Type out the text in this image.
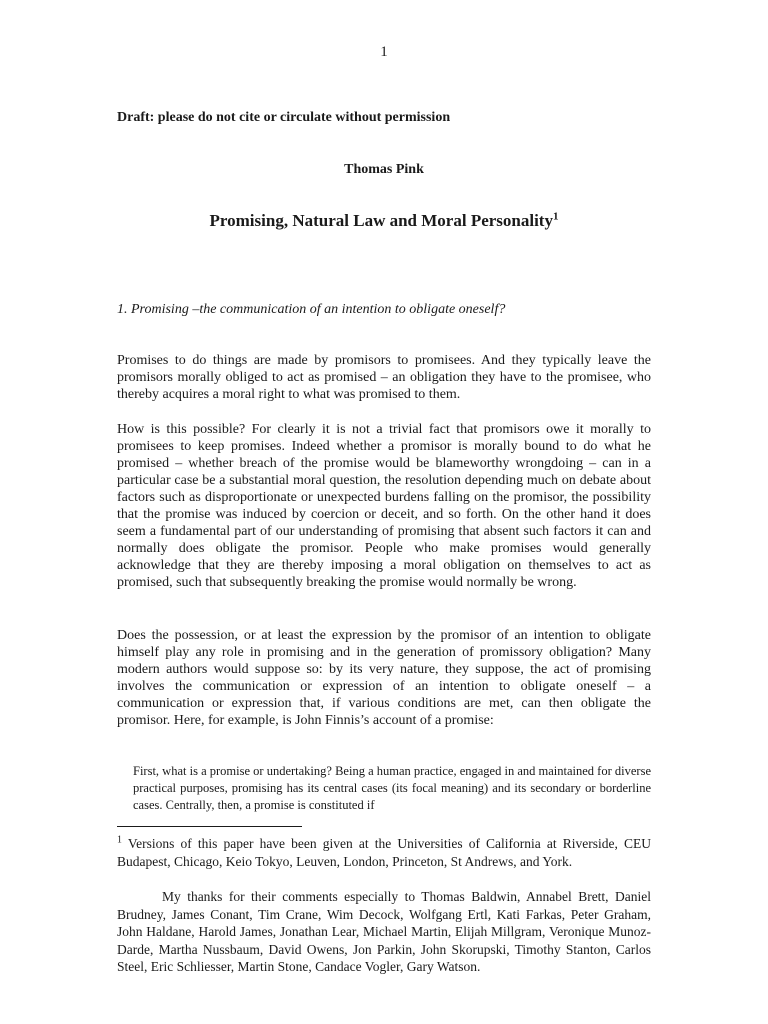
1
Draft: please do not cite or circulate without permission
Thomas Pink
Promising, Natural Law and Moral Personality$^1$
1. Promising –the communication of an intention to obligate oneself?

Promises to do things are made by promisors to promisees. And they typically leave the promisors morally obliged to act as promised – an obligation they have to the promisee, who thereby acquires a moral right to what was promised to them.

How is this possible? For clearly it is not a trivial fact that promisors owe it morally to promisees to keep promises. Indeed whether a promisor is morally bound to do what he promised – whether breach of the promise would be blameworthy wrongdoing – can in a particular case be a substantial moral question, the resolution depending much on debate about factors such as disproportionate or unexpected burdens falling on the promisor, the possibility that the promise was induced by coercion or deceit, and so forth. On the other hand it does seem a fundamental part of our understanding of promising that absent such factors it can and normally does obligate the promisor. People who make promises would generally acknowledge that they are thereby imposing a moral obligation on themselves to act as promised, such that subsequently breaking the promise would normally be wrong.

Does the possession, or at least the expression by the promisor of an intention to obligate himself play any role in promising and in the generation of promissory obligation? Many modern authors would suppose so: by its very nature, they suppose, the act of promising involves the communication or expression of an intention to obligate oneself – a communication or expression that, if various conditions are met, can then obligate the promisor. Here, for example, is John Finnis’s account of a promise:

First, what is a promise or undertaking? Being a human practice, engaged in and maintained for diverse practical purposes, promising has its central cases (its focal meaning) and its secondary or borderline cases. Centrally, then, a promise is constituted if

$^1$ Versions of this paper have been given at the Universities of California at Riverside, CEU Budapest, Chicago, Keio Tokyo, Leuven, London, Princeton, St Andrews, and York.

My thanks for their comments especially to Thomas Baldwin, Annabel Brett, Daniel Brudney, James Conant, Tim Crane, Wim Decock, Wolfgang Ertl, Kati Farkas, Peter Graham, John Haldane, Harold James, Jonathan Lear, Michael Martin, Elijah Millgram, Veronique Munoz-Darde, Martha Nussbaum, David Owens, Jon Parkin, John Skorupski, Timothy Stanton, Carlos Steel, Eric Schliesser, Martin Stone, Candace Vogler, Gary Watson.
